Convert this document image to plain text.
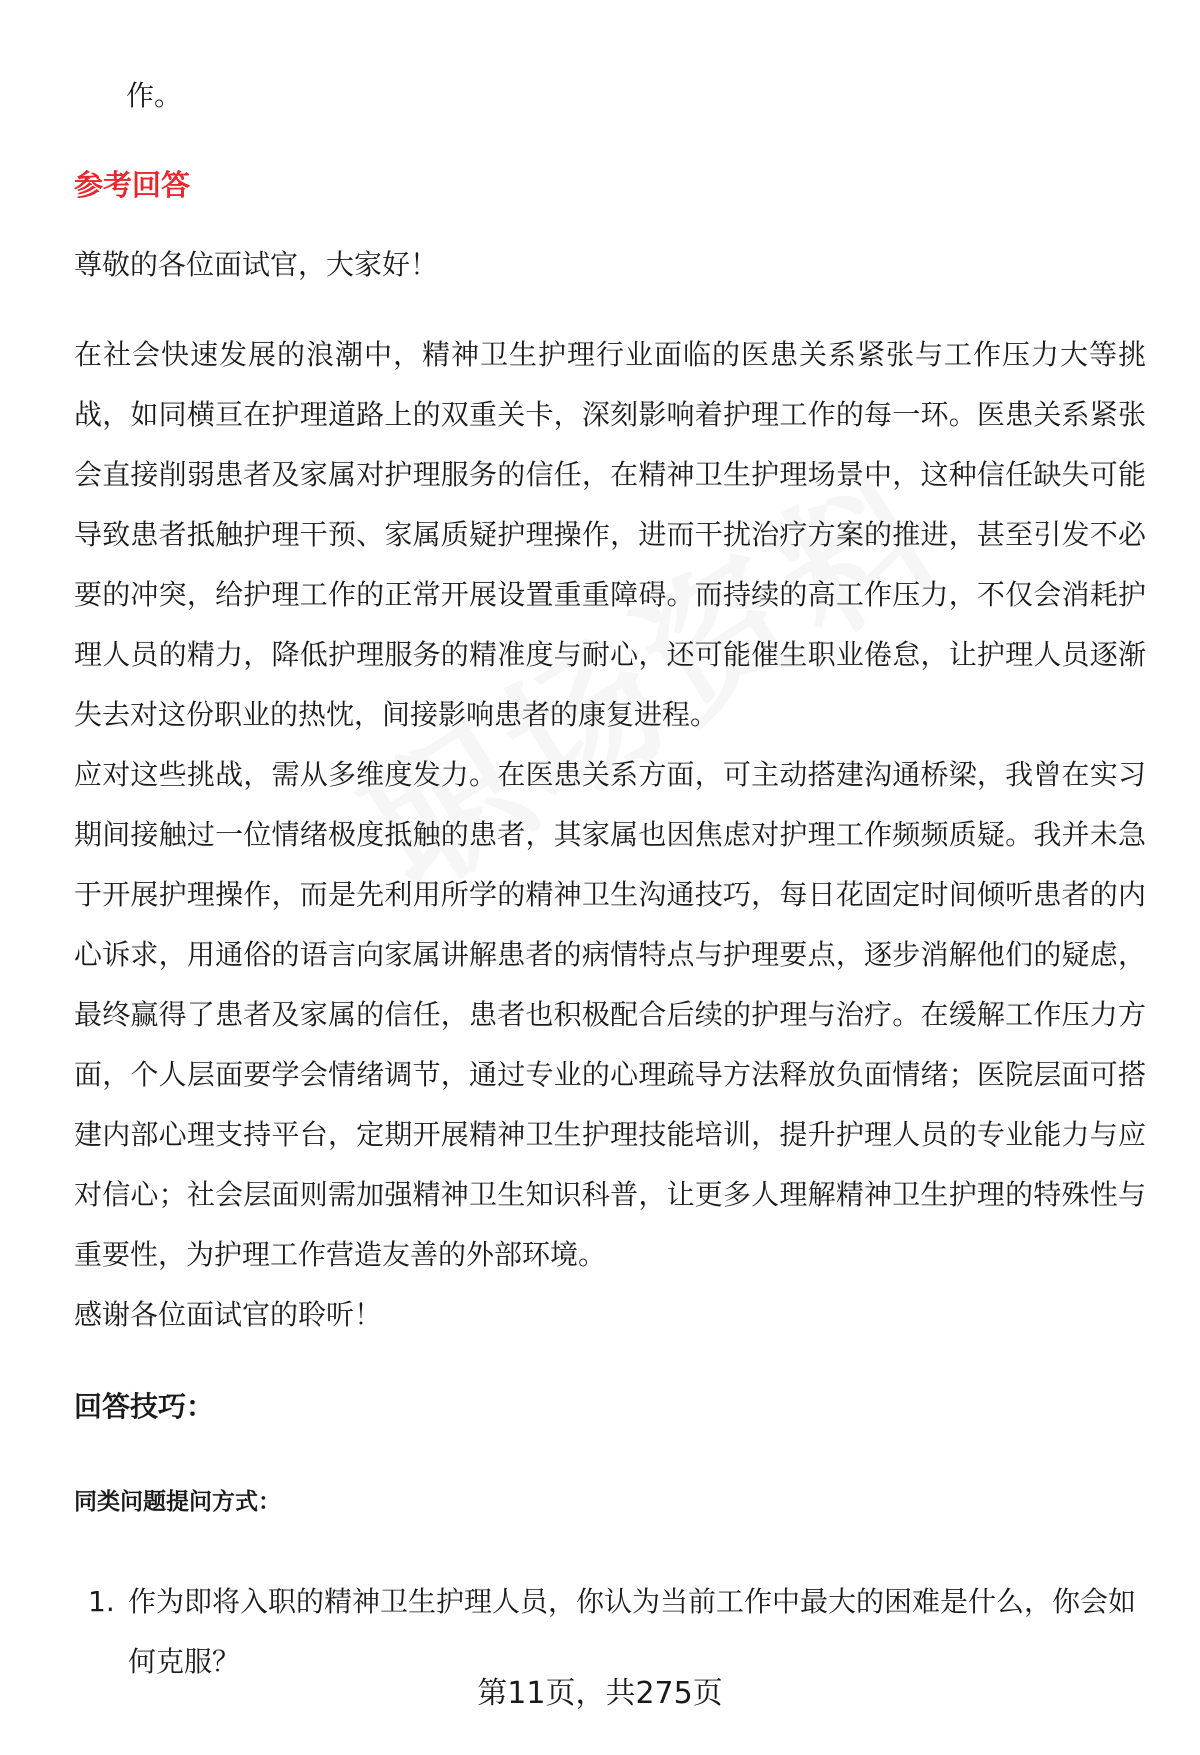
作。
参考回答
尊敬的各位面试官，大家好！

在社会快速发展的浪潮中，精神卫生护理行业面临的医患关系紧张与工作压力大等挑战，如同横亘在护理道路上的双重关卡，深刻影响着护理工作的每一环。医患关系紧张会直接削弱患者及家属对护理服务的信任，在精神卫生护理场景中，这种信任缺失可能导致患者抵触护理干预、家属质疑护理操作，进而干扰治疗方案的推进，甚至引发不必要的冲突，给护理工作的正常开展设置重重障碍。而持续的高工作压力，不仅会消耗护理人员的精力，降低护理服务的精准度与耐心，还可能催生职业倦怠，让护理人员逐渐失去对这份职业的热忱，间接影响患者的康复进程。

应对这些挑战，需从多维度发力。在医患关系方面，可主动搭建沟通桥梁，我曾在实习期间接触过一位情绪极度抵触的患者，其家属也因焦虑对护理工作频频质疑。我并未急于开展护理操作，而是先利用所学的精神卫生沟通技巧，每日花固定时间倾听患者的内心诉求，用通俗的语言向家属讲解患者的病情特点与护理要点，逐步消解他们的疑虑，最终赢得了患者及家属的信任，患者也积极配合后续的护理与治疗。在缓解工作压力方面，个人层面要学会情绪调节，通过专业的心理疏导方法释放负面情绪；医院层面可搭建内部心理支持平台，定期开展精神卫生护理技能培训，提升护理人员的专业能力与应对信心；社会层面则需加强精神卫生知识科普，让更多人理解精神卫生护理的特殊性与重要性，为护理工作营造友善的外部环境。

感谢各位面试官的聆听！

回答技巧：
同类问题提问方式：
1. 作为即将入职的精神卫生护理人员，你认为当前工作中最大的困难是什么，你会如何克服？
第11页，共275页
